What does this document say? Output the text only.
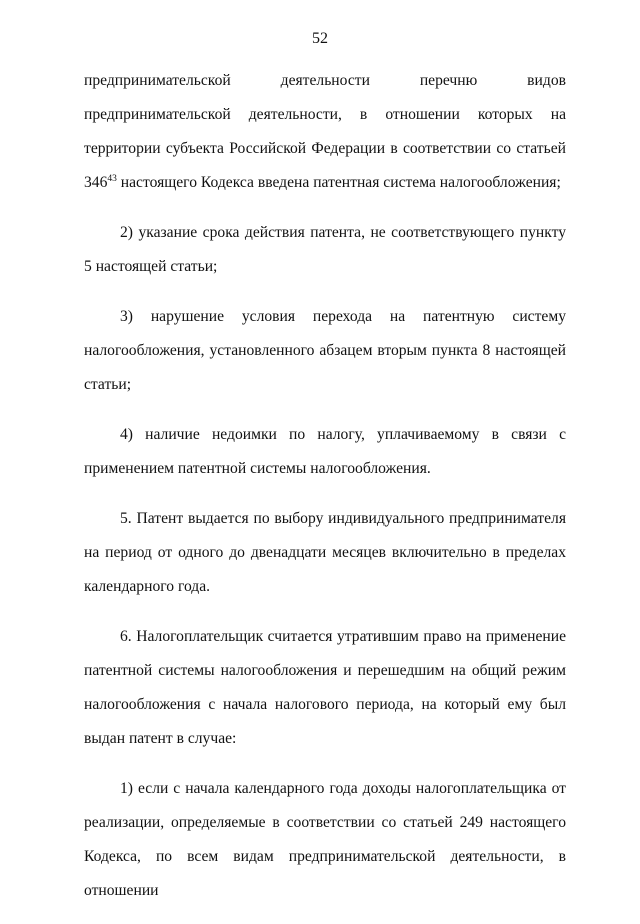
52

предпринимательской деятельности перечню видов предпринимательской деятельности, в отношении которых на территории субъекта Российской Федерации в соответствии со статьей 346$^{43}$ настоящего Кодекса введена патентная система налогообложения;

2) указание срока действия патента, не соответствующего пункту 5 настоящей статьи;

3) нарушение условия перехода на патентную систему налогообложения, установленного абзацем вторым пункта 8 настоящей статьи;

4) наличие недоимки по налогу, уплачиваемому в связи с применением патентной системы налогообложения.

5. Патент выдается по выбору индивидуального предпринимателя на период от одного до двенадцати месяцев включительно в пределах календарного года.

6. Налогоплательщик считается утратившим право на применение патентной системы налогообложения и перешедшим на общий режим налогообложения с начала налогового периода, на который ему был выдан патент в случае:

1) если с начала календарного года доходы налогоплательщика от реализации, определяемые в соответствии со статьей 249 настоящего Кодекса, по всем видам предпринимательской деятельности, в отношении
